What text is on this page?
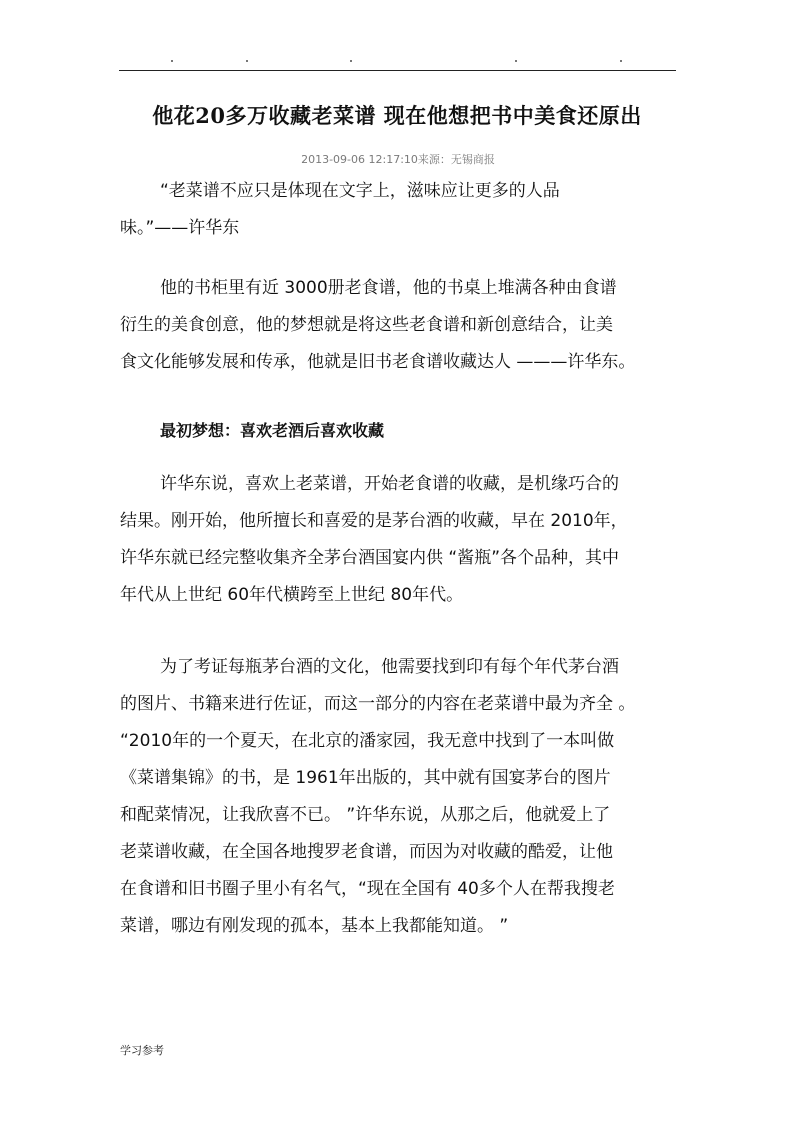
他花20多万收藏老菜谱 现在他想把书中美食还原出
2013-09-06 12:17:10来源：无锡商报

“老菜谱不应只是体现在文字上，滋味应让更多的人品
味。”——许华东

他的书柜里有近 3000册老食谱，他的书桌上堆满各种由食谱
衍生的美食创意，他的梦想就是将这些老食谱和新创意结合，让美
食文化能够发展和传承，他就是旧书老食谱收藏达人 ———许华东。

最初梦想：喜欢老酒后喜欢收藏

许华东说，喜欢上老菜谱，开始老食谱的收藏，是机缘巧合的
结果。刚开始，他所擅长和喜爱的是茅台酒的收藏，早在 2010年，
许华东就已经完整收集齐全茅台酒国宴内供 “酱瓶”各个品种，其中
年代从上世纪 60年代横跨至上世纪 80年代。

为了考证每瓶茅台酒的文化，他需要找到印有每个年代茅台酒
的图片、书籍来进行佐证，而这一部分的内容在老菜谱中最为齐全 。
“2010年的一个夏天，在北京的潘家园，我无意中找到了一本叫做
《菜谱集锦》的书，是 1961年出版的，其中就有国宴茅台的图片
和配菜情况，让我欣喜不已。 ”许华东说，从那之后，他就爱上了
老菜谱收藏，在全国各地搜罗老食谱，而因为对收藏的酷爱，让他
在食谱和旧书圈子里小有名气，“现在全国有 40多个人在帮我搜老
菜谱，哪边有刚发现的孤本，基本上我都能知道。 ”

学习参考
